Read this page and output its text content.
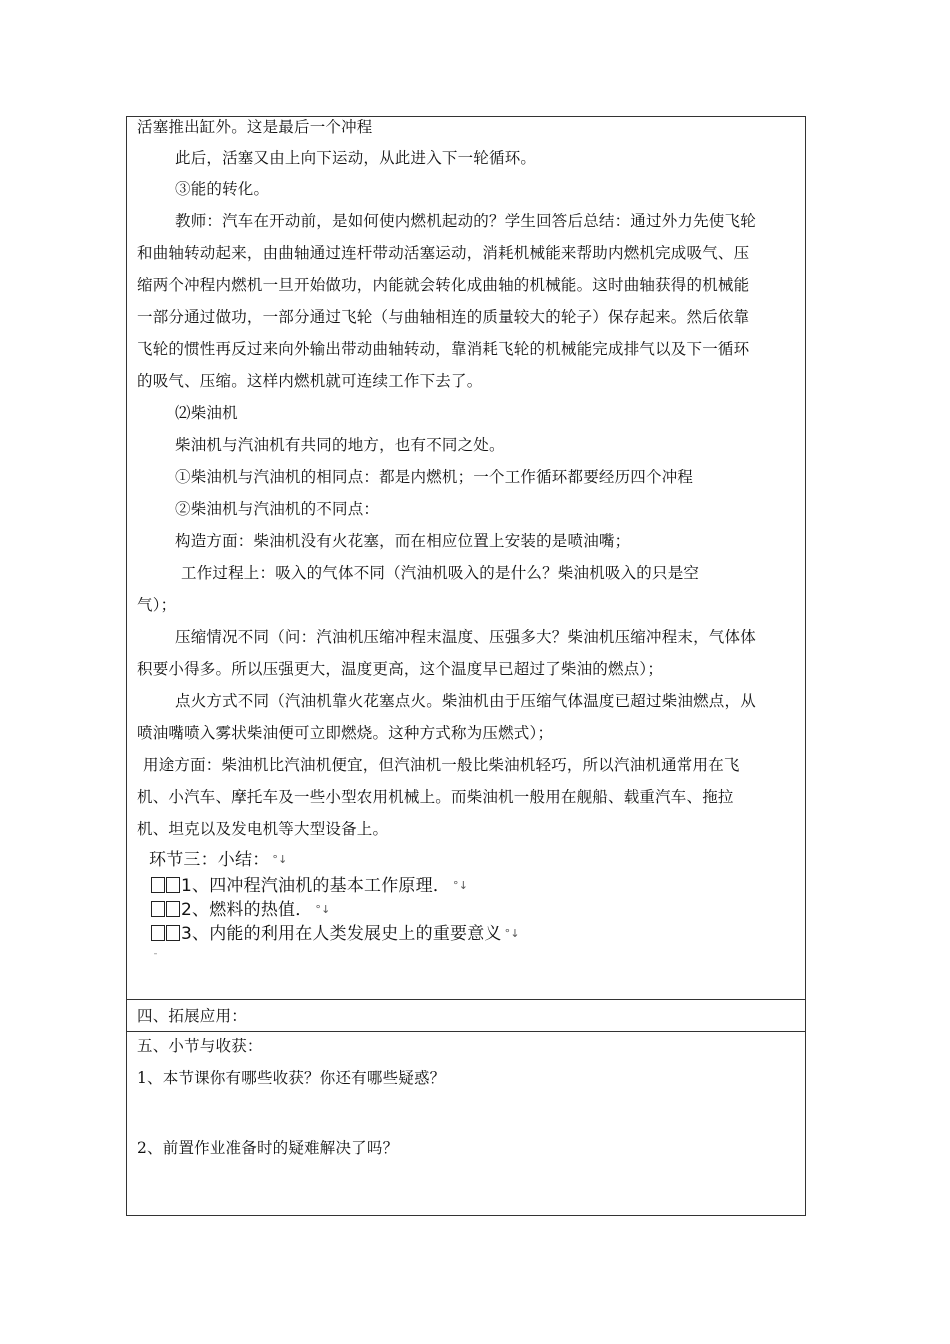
活塞推出缸外。这是最后一个冲程
此后，活塞又由上向下运动，从此进入下一轮循环。
③能的转化。
教师：汽车在开动前，是如何使内燃机起动的？学生回答后总结：通过外力先使飞轮
和曲轴转动起来，由曲轴通过连杆带动活塞运动，消耗机械能来帮助内燃机完成吸气、压
缩两个冲程内燃机一旦开始做功，内能就会转化成曲轴的机械能。这时曲轴获得的机械能
一部分通过做功，一部分通过飞轮（与曲轴相连的质量较大的轮子）保存起来。然后依靠
飞轮的惯性再反过来向外输出带动曲轴转动，靠消耗飞轮的机械能完成排气以及下一循环
的吸气、压缩。这样内燃机就可连续工作下去了。
⑵柴油机
柴油机与汽油机有共同的地方，也有不同之处。
①柴油机与汽油机的相同点：都是内燃机；一个工作循环都要经历四个冲程
②柴油机与汽油机的不同点：
构造方面：柴油机没有火花塞，而在相应位置上安装的是喷油嘴；
工作过程上：吸入的气体不同（汽油机吸入的是什么？柴油机吸入的只是空
气）；
压缩情况不同（问：汽油机压缩冲程末温度、压强多大？柴油机压缩冲程末，气体体
积要小得多。所以压强更大，温度更高，这个温度早已超过了柴油的燃点）；
点火方式不同（汽油机靠火花塞点火。柴油机由于压缩气体温度已超过柴油燃点，从
喷油嘴喷入雾状柴油便可立即燃烧。这种方式称为压燃式）；
用途方面：柴油机比汽油机便宜，但汽油机一般比柴油机轻巧，所以汽油机通常用在飞
机、小汽车、摩托车及一些小型农用机械上。而柴油机一般用在舰船、载重汽车、拖拉
机、坦克以及发电机等大型设备上。
环节三：小结： °↓
1、四冲程汽油机的基本工作原理． °↓
2、燃料的热值． °↓
3、内能的利用在人类发展史上的重要意义 °↓
ˉ
四、拓展应用：
五、小节与收获：
1、本节课你有哪些收获？你还有哪些疑惑？
2、前置作业准备时的疑难解决了吗？
